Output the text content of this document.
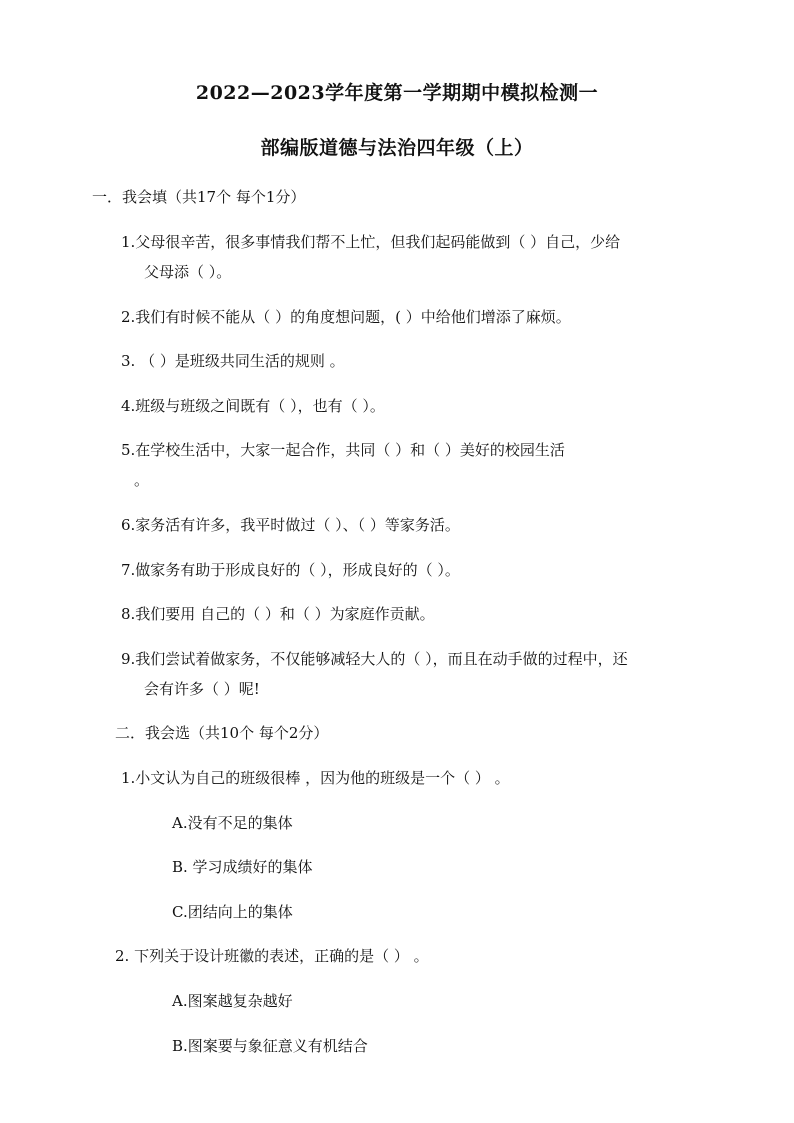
2022—2023学年度第一学期期中模拟检测一
部编版道德与法治四年级（上）
一．我会填（共17个 每个1分）
1.父母很辛苦，很多事情我们帮不上忙，但我们起码能做到（ ）自己，少给
父母添（ ）。
2.我们有时候不能从（ ）的角度想问题，( ）中给他们增添了麻烦。
3. （ ）是班级共同生活的规则 。
4.班级与班级之间既有（ ），也有（ ）。
5.在学校生活中，大家一起合作，共同（ ）和（ ）美好的校园生活
。
6.家务活有许多，我平时做过（ ）、（ ）等家务活。
7.做家务有助于形成良好的（ ），形成良好的（ ）。
8.我们要用 自己的（ ）和（ ）为家庭作贡献。
9.我们尝试着做家务，不仅能够减轻大人的（ ），而且在动手做的过程中，还
会有许多（ ）呢!
二．我会选（共10个 每个2分）
1.小文认为自己的班级很棒 ，因为他的班级是一个（ ） 。
A.没有不足的集体
B. 学习成绩好的集体
C.团结向上的集体
2. 下列关于设计班徽的表述，正确的是（ ） 。
A.图案越复杂越好
B.图案要与象征意义有机结合
